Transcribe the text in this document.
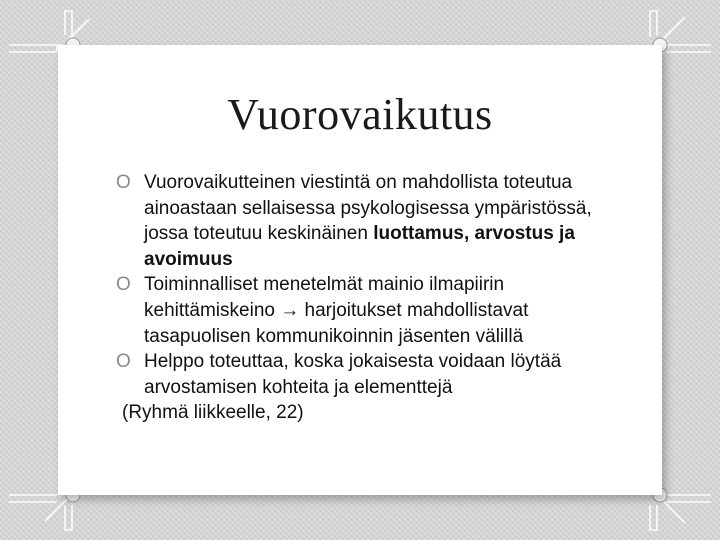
Vuorovaikutus
O Vuorovaikutteinen viestintä on mahdollista toteutua ainoastaan sellaisessa psykologisessa ympäristössä, jossa toteutuu keskinäinen luottamus, arvostus ja avoimuus
O Toiminnalliset menetelmät mainio ilmapiirin kehittämiskeino → harjoitukset mahdollistavat tasapuolisen kommunikoinnin jäsenten välillä
O Helppo toteuttaa, koska jokaisesta voidaan löytää arvostamisen kohteita ja elementtejä
(Ryhmä liikkeelle, 22)
